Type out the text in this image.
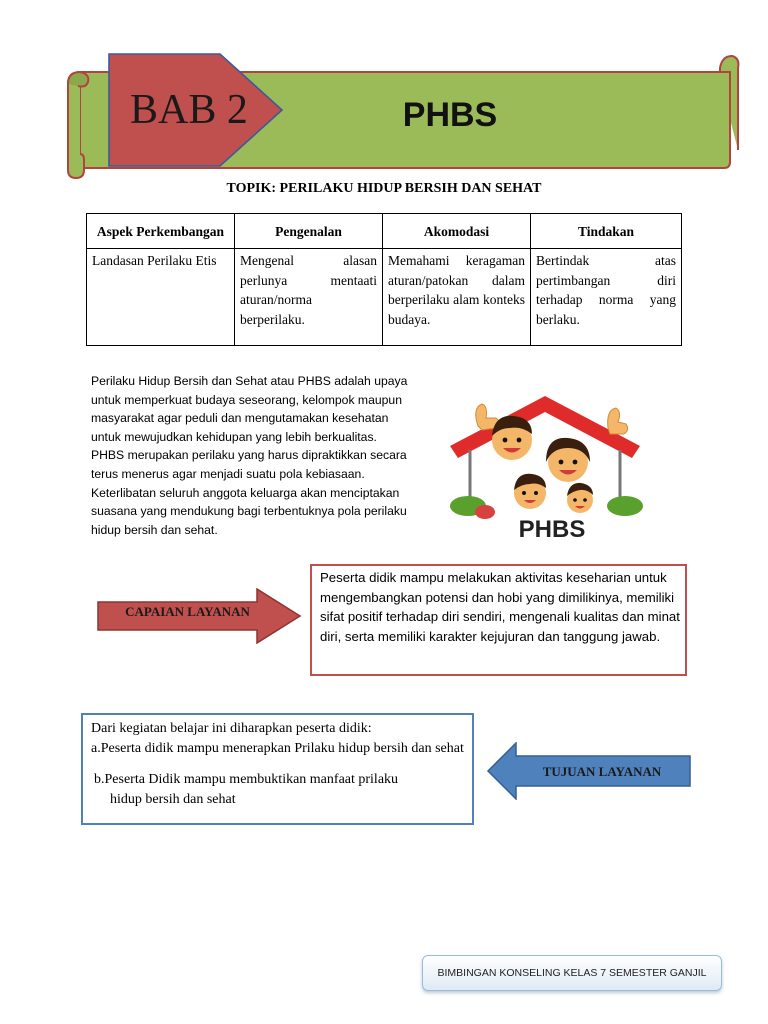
BAB 2	PHBS
TOPIK: PERILAKU HIDUP BERSIH DAN SEHAT
Aspek Perkembangan	Pengenalan	Akomodasi	Tindakan
Landasan Perilaku Etis	Mengenal alasan perlunya mentaati aturan/norma berperilaku.	Memahami keragaman aturan/patokan dalam berperilaku alam konteks budaya.	Bertindak atas pertimbangan diri terhadap norma yang berlaku.
Perilaku Hidup Bersih dan Sehat atau PHBS adalah upaya untuk memperkuat budaya seseorang, kelompok maupun masyarakat agar peduli dan mengutamakan kesehatan untuk mewujudkan kehidupan yang lebih berkualitas. PHBS merupakan perilaku yang harus dipraktikkan secara terus menerus agar menjadi suatu pola kebiasaan. Keterlibatan seluruh anggota keluarga akan menciptakan suasana yang mendukung bagi terbentuknya pola perilaku hidup bersih dan sehat.	PHBS
CAPAIAN LAYANAN
Peserta didik mampu melakukan aktivitas keseharian untuk mengembangkan potensi dan hobi yang dimilikinya, memiliki sifat positif terhadap diri sendiri, mengenali kualitas dan minat diri, serta memiliki karakter kejujuran dan tanggung jawab.

Dari kegiatan belajar ini diharapkan peserta didik:

a.Peserta didik mampu menerapkan Prilaku hidup bersih dan sehat

b.Peserta Didik mampu membuktikan manfaat prilaku
hidup bersih dan sehat

TUJUAN LAYANAN
BIMBINGAN KONSELING KELAS 7 SEMESTER GANJIL
